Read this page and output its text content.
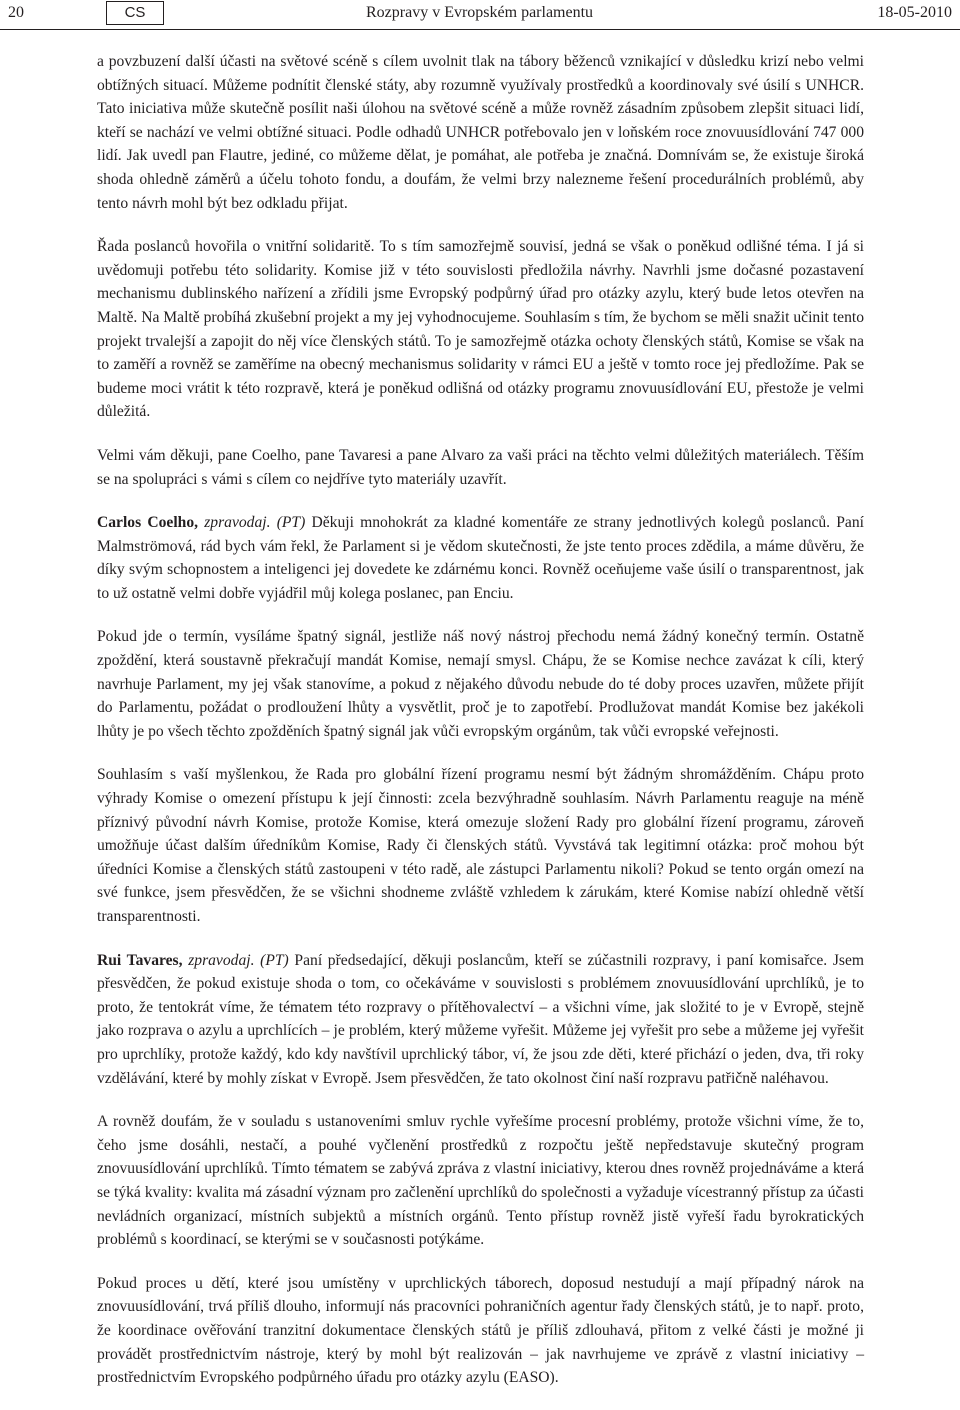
20	CS	Rozpravy v Evropském parlamentu	18-05-2010

a povzbuzení další účasti na světové scéně s cílem uvolnit tlak na tábory běženců vznikající v důsledku krizí nebo velmi obtížných situací. Můžeme podnítit členské státy, aby rozumně využívaly prostředků a koordinovaly své úsilí s UNHCR. Tato iniciativa může skutečně posílit naši úlohou na světové scéně a může rovněž zásadním způsobem zlepšit situaci lidí, kteří se nachází ve velmi obtížné situaci. Podle odhadů UNHCR potřebovalo jen v loňském roce znovuusídlování 747 000 lidí. Jak uvedl pan Flautre, jediné, co můžeme dělat, je pomáhat, ale potřeba je značná. Domnívám se, že existuje široká shoda ohledně záměrů a účelu tohoto fondu, a doufám, že velmi brzy nalezneme řešení procedurálních problémů, aby tento návrh mohl být bez odkladu přijat.

Řada poslanců hovořila o vnitřní solidaritě. To s tím samozřejmě souvisí, jedná se však o poněkud odlišné téma. I já si uvědomuji potřebu této solidarity. Komise již v této souvislosti předložila návrhy. Navrhli jsme dočasné pozastavení mechanismu dublinského nařízení a zřídili jsme Evropský podpůrný úřad pro otázky azylu, který bude letos otevřen na Maltě. Na Maltě probíhá zkušební projekt a my jej vyhodnocujeme. Souhlasím s tím, že bychom se měli snažit učinit tento projekt trvalejší a zapojit do něj více členských států. To je samozřejmě otázka ochoty členských států, Komise se však na to zaměří a rovněž se zaměříme na obecný mechanismus solidarity v rámci EU a ještě v tomto roce jej předložíme. Pak se budeme moci vrátit k této rozpravě, která je poněkud odlišná od otázky programu znovuusídlování EU, přestože je velmi důležitá.

Velmi vám děkuji, pane Coelho, pane Tavaresi a pane Alvaro za vaši práci na těchto velmi důležitých materiálech. Těším se na spolupráci s vámi s cílem co nejdříve tyto materiály uzavřít.

Carlos Coelho, zpravodaj. (PT) Děkuji mnohokrát za kladné komentáře ze strany jednotlivých kolegů poslanců. Paní Malmströmová, rád bych vám řekl, že Parlament si je vědom skutečnosti, že jste tento proces zdědila, a máme důvěru, že díky svým schopnostem a inteligenci jej dovedete ke zdárnému konci. Rovněž oceňujeme vaše úsilí o transparentnost, jak to už ostatně velmi dobře vyjádřil můj kolega poslanec, pan Enciu.

Pokud jde o termín, vysíláme špatný signál, jestliže náš nový nástroj přechodu nemá žádný konečný termín. Ostatně zpoždění, která soustavně překračují mandát Komise, nemají smysl. Chápu, že se Komise nechce zavázat k cíli, který navrhuje Parlament, my jej však stanovíme, a pokud z nějakého důvodu nebude do té doby proces uzavřen, můžete přijít do Parlamentu, požádat o prodloužení lhůty a vysvětlit, proč je to zapotřebí. Prodlužovat mandát Komise bez jakékoli lhůty je po všech těchto zpožděních špatný signál jak vůči evropským orgánům, tak vůči evropské veřejnosti.

Souhlasím s vaší myšlenkou, že Rada pro globální řízení programu nesmí být žádným shromážděním. Chápu proto výhrady Komise o omezení přístupu k její činnosti: zcela bezvýhradně souhlasím. Návrh Parlamentu reaguje na méně příznivý původní návrh Komise, protože Komise, která omezuje složení Rady pro globální řízení programu, zároveň umožňuje účast dalším úředníkům Komise, Rady či členských států. Vyvstává tak legitimní otázka: proč mohou být úředníci Komise a členských států zastoupeni v této radě, ale zástupci Parlamentu nikoli? Pokud se tento orgán omezí na své funkce, jsem přesvědčen, že se všichni shodneme zvláště vzhledem k zárukám, které Komise nabízí ohledně větší transparentnosti.

Rui Tavares, zpravodaj. (PT) Paní předsedající, děkuji poslancům, kteří se zúčastnili rozpravy, i paní komisařce. Jsem přesvědčen, že pokud existuje shoda o tom, co očekáváme v souvislosti s problémem znovuusídlování uprchlíků, je to proto, že tentokrát víme, že tématem této rozpravy o přítěhovalectví – a všichni víme, jak složité to je v Evropě, stejně jako rozprava o azylu a uprchlících – je problém, který můžeme vyřešit. Můžeme jej vyřešit pro sebe a můžeme jej vyřešit pro uprchlíky, protože každý, kdo kdy navštívil uprchlický tábor, ví, že jsou zde děti, které přichází o jeden, dva, tři roky vzdělávání, které by mohly získat v Evropě. Jsem přesvědčen, že tato okolnost činí naší rozpravu patřičně naléhavou.

A rovněž doufám, že v souladu s ustanoveními smluv rychle vyřešíme procesní problémy, protože všichni víme, že to, čeho jsme dosáhli, nestačí, a pouhé vyčlenění prostředků z rozpočtu ještě nepředstavuje skutečný program znovuusídlování uprchlíků. Tímto tématem se zabývá zpráva z vlastní iniciativy, kterou dnes rovněž projednáváme a která se týká kvality: kvalita má zásadní význam pro začlenění uprchlíků do společnosti a vyžaduje vícestranný přístup za účasti nevládních organizací, místních subjektů a místních orgánů. Tento přístup rovněž jistě vyřeší řadu byrokratických problémů s koordinací, se kterými se v současnosti potýkáme.

Pokud proces u dětí, které jsou umístěny v uprchlických táborech, doposud nestudují a mají případný nárok na znovuusídlování, trvá příliš dlouho, informují nás pracovníci pohraničních agentur řady členských států, je to např. proto, že koordinace ověřování tranzitní dokumentace členských států je příliš zdlouhavá, přitom z velké části je možné ji provádět prostřednictvím nástroje, který by mohl být realizován – jak navrhujeme ve zprávě z vlastní iniciativy – prostřednictvím Evropského podpůrného úřadu pro otázky azylu (EASO).
